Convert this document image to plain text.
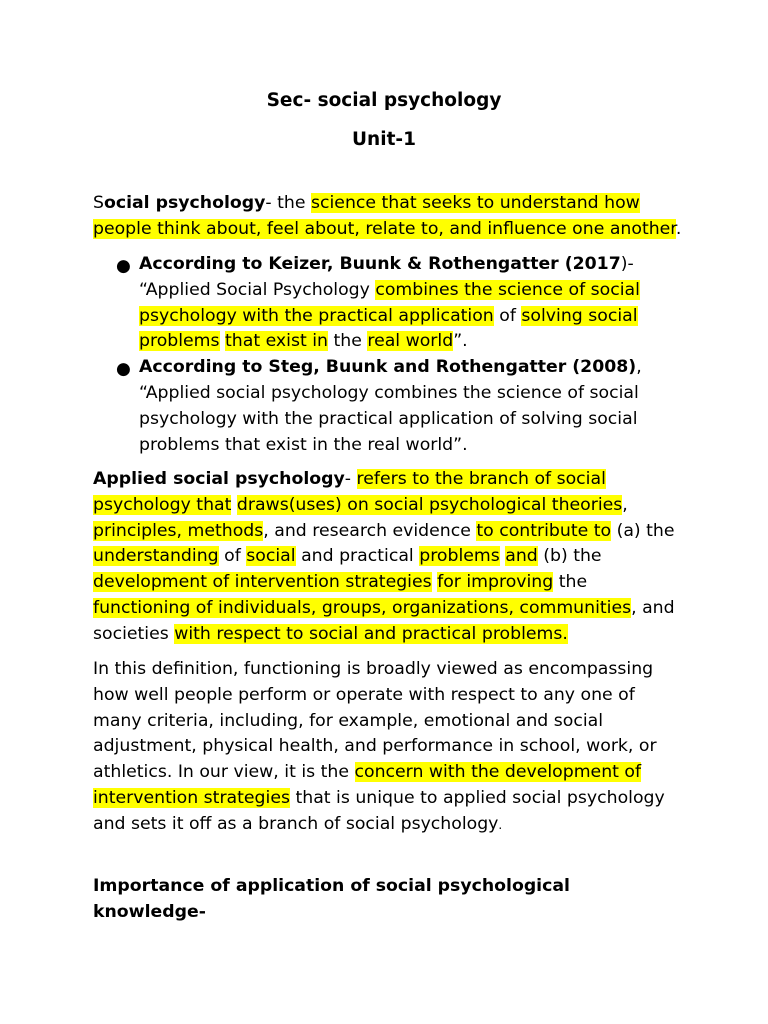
Sec- social psychology
Unit-1

Social psychology- the science that seeks to understand how people think about, feel about, relate to, and influence one another.

● According to Keizer, Buunk & Rothengatter (2017)- “Applied Social Psychology combines the science of social psychology with the practical application of solving social problems that exist in the real world”.
● According to Steg, Buunk and Rothengatter (2008), “Applied social psychology combines the science of social psychology with the practical application of solving social problems that exist in the real world”.

Applied social psychology- refers to the branch of social psychology that draws(uses) on social psychological theories, principles, methods, and research evidence to contribute to (a) the understanding of social and practical problems and (b) the development of intervention strategies for improving the functioning of individuals, groups, organizations, communities, and societies with respect to social and practical problems.

In this definition, functioning is broadly viewed as encompassing how well people perform or operate with respect to any one of many criteria, including, for example, emotional and social adjustment, physical health, and performance in school, work, or athletics. In our view, it is the concern with the development of intervention strategies that is unique to applied social psychology and sets it off as a branch of social psychology.

Importance of application of social psychological knowledge-
